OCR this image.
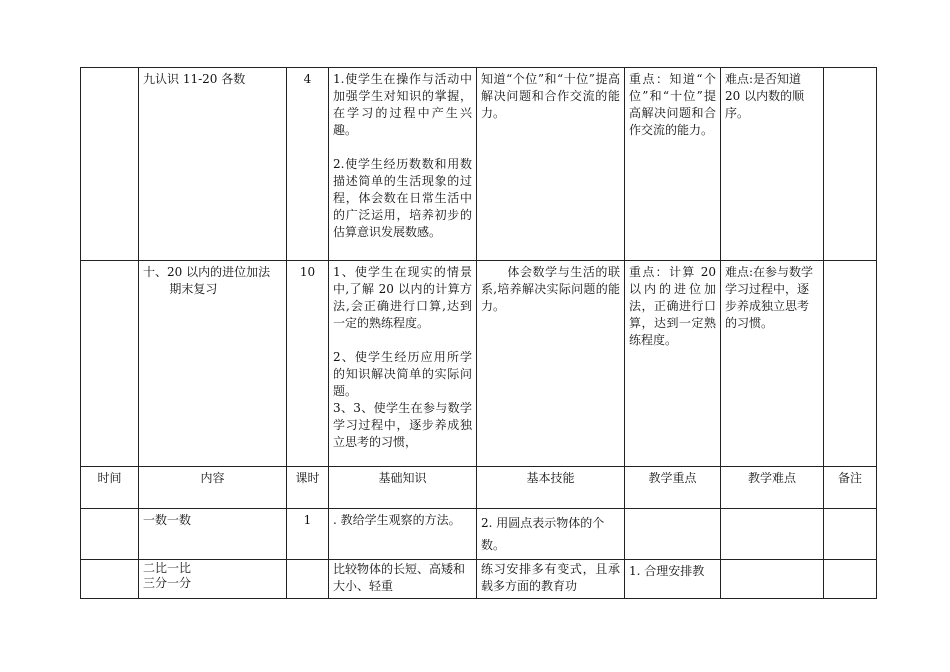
	九认识 11-20 各数	4	1.使学生在操作与活动中加强学生对知识的掌握，在学习的过程中产生兴趣。
2.使学生经历数数和用数描述简单的生活现象的过程，体会数在日常生活中的广泛运用，培养初步的估算意识发展数感。	知道“个位”和“十位”提高解决问题和合作交流的能力。	重点：知道“个位”和“十位”提高解决问题和合作交流的能力。	难点:是否知道 20 以内数的顺序。	

	十、20 以内的进位加法
期末复习	10	1、使学生在现实的情景中,了解 20 以内的计算方法,会正确进行口算,达到一定的熟练程度。
2、使学生经历应用所学的知识解决简单的实际问题。
3、3、使学生在参与数学学习过程中，逐步养成独立思考的习惯，	体会数学与生活的联系,培养解决实际问题的能力。	重点：计算 20 以内的进位加法，正确进行口算，达到一定熟练程度。	难点:在参与数学学习过程中，逐步养成独立思考的习惯。	
时间	内容	课时	基础知识	基本技能	教学重点	教学难点	备注
	一数一数	1	. 教给学生观察的方法。	2. 用圆点表示物体的个数。			

	二比一比
三分一分		比较物体的长短、高矮和大小、轻重	练习安排多有变式，且承载多方面的教育功	1. 合理安排教		
